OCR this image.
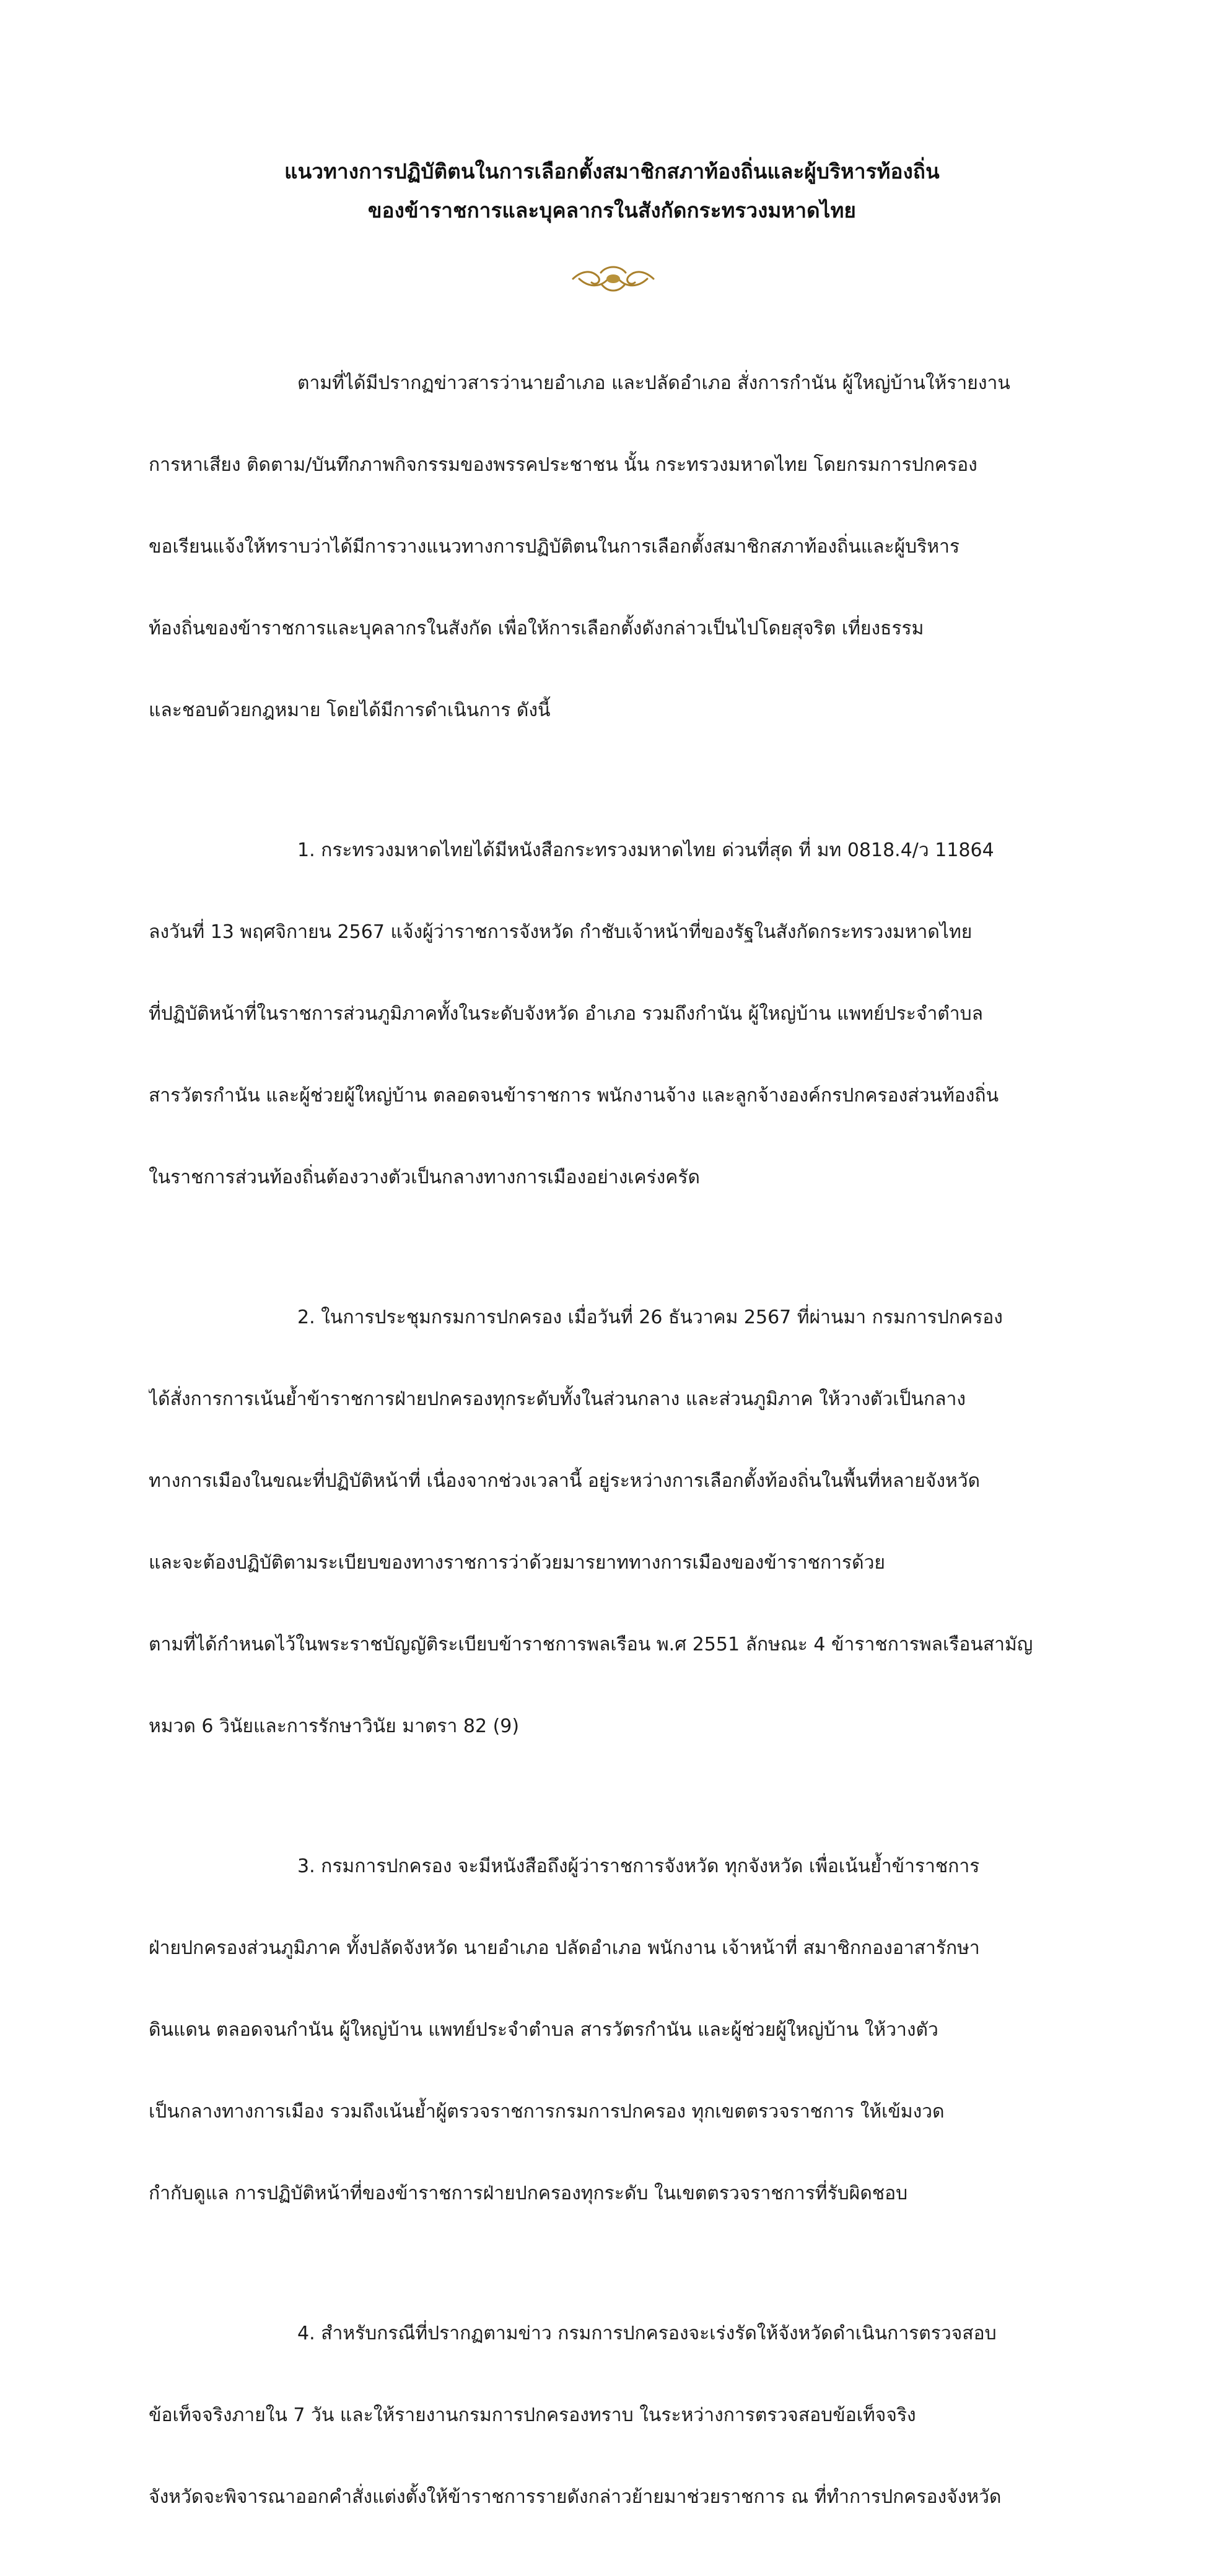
แนวทางการปฏิบัติตนในการเลือกตั้งสมาชิกสภาท้องถิ่นและผู้บริหารท้องถิ่น
ของข้าราชการและบุคลากรในสังกัดกระทรวงมหาดไทย

ตามที่ได้มีปรากฏข่าวสารว่านายอำเภอ และปลัดอำเภอ สั่งการกำนัน ผู้ใหญ่บ้านให้รายงาน

การหาเสียง ติดตาม/บันทึกภาพกิจกรรมของพรรคประชาชน นั้น กระทรวงมหาดไทย โดยกรมการปกครอง

ขอเรียนแจ้งให้ทราบว่าได้มีการวางแนวทางการปฏิบัติตนในการเลือกตั้งสมาชิกสภาท้องถิ่นและผู้บริหาร

ท้องถิ่นของข้าราชการและบุคลากรในสังกัด เพื่อให้การเลือกตั้งดังกล่าวเป็นไปโดยสุจริต เที่ยงธรรม

และชอบด้วยกฎหมาย โดยได้มีการดำเนินการ ดังนี้

1. กระทรวงมหาดไทยได้มีหนังสือกระทรวงมหาดไทย ด่วนที่สุด ที่ มท 0818.4/ว 11864

ลงวันที่ 13 พฤศจิกายน 2567 แจ้งผู้ว่าราชการจังหวัด กำชับเจ้าหน้าที่ของรัฐในสังกัดกระทรวงมหาดไทย

ที่ปฏิบัติหน้าที่ในราชการส่วนภูมิภาคทั้งในระดับจังหวัด อำเภอ รวมถึงกำนัน ผู้ใหญ่บ้าน แพทย์ประจำตำบล

สารวัตรกำนัน และผู้ช่วยผู้ใหญ่บ้าน ตลอดจนข้าราชการ พนักงานจ้าง และลูกจ้างองค์กรปกครองส่วนท้องถิ่น

ในราชการส่วนท้องถิ่นต้องวางตัวเป็นกลางทางการเมืองอย่างเคร่งครัด

2. ในการประชุมกรมการปกครอง เมื่อวันที่ 26 ธันวาคม 2567 ที่ผ่านมา กรมการปกครอง

ได้สั่งการการเน้นย้ำข้าราชการฝ่ายปกครองทุกระดับทั้งในส่วนกลาง และส่วนภูมิภาค ให้วางตัวเป็นกลาง

ทางการเมืองในขณะที่ปฏิบัติหน้าที่ เนื่องจากช่วงเวลานี้ อยู่ระหว่างการเลือกตั้งท้องถิ่นในพื้นที่หลายจังหวัด

และจะต้องปฏิบัติตามระเบียบของทางราชการว่าด้วยมารยาททางการเมืองของข้าราชการด้วย

ตามที่ได้กำหนดไว้ในพระราชบัญญัติระเบียบข้าราชการพลเรือน พ.ศ 2551 ลักษณะ 4 ข้าราชการพลเรือนสามัญ

หมวด 6 วินัยและการรักษาวินัย มาตรา 82 (9)

3. กรมการปกครอง จะมีหนังสือถึงผู้ว่าราชการจังหวัด ทุกจังหวัด เพื่อเน้นย้ำข้าราชการ

ฝ่ายปกครองส่วนภูมิภาค ทั้งปลัดจังหวัด นายอำเภอ ปลัดอำเภอ พนักงาน เจ้าหน้าที่ สมาชิกกองอาสารักษา

ดินแดน ตลอดจนกำนัน ผู้ใหญ่บ้าน แพทย์ประจำตำบล สารวัตรกำนัน และผู้ช่วยผู้ใหญ่บ้าน ให้วางตัว

เป็นกลางทางการเมือง รวมถึงเน้นย้ำผู้ตรวจราชการกรมการปกครอง ทุกเขตตรวจราชการ ให้เข้มงวด

กำกับดูแล การปฏิบัติหน้าที่ของข้าราชการฝ่ายปกครองทุกระดับ ในเขตตรวจราชการที่รับผิดชอบ

4. สำหรับกรณีที่ปรากฏตามข่าว กรมการปกครองจะเร่งรัดให้จังหวัดดำเนินการตรวจสอบ

ข้อเท็จจริงภายใน 7 วัน และให้รายงานกรมการปกครองทราบ ในระหว่างการตรวจสอบข้อเท็จจริง

จังหวัดจะพิจารณาออกคำสั่งแต่งตั้งให้ข้าราชการรายดังกล่าวย้ายมาช่วยราชการ ณ ที่ทำการปกครองจังหวัด
